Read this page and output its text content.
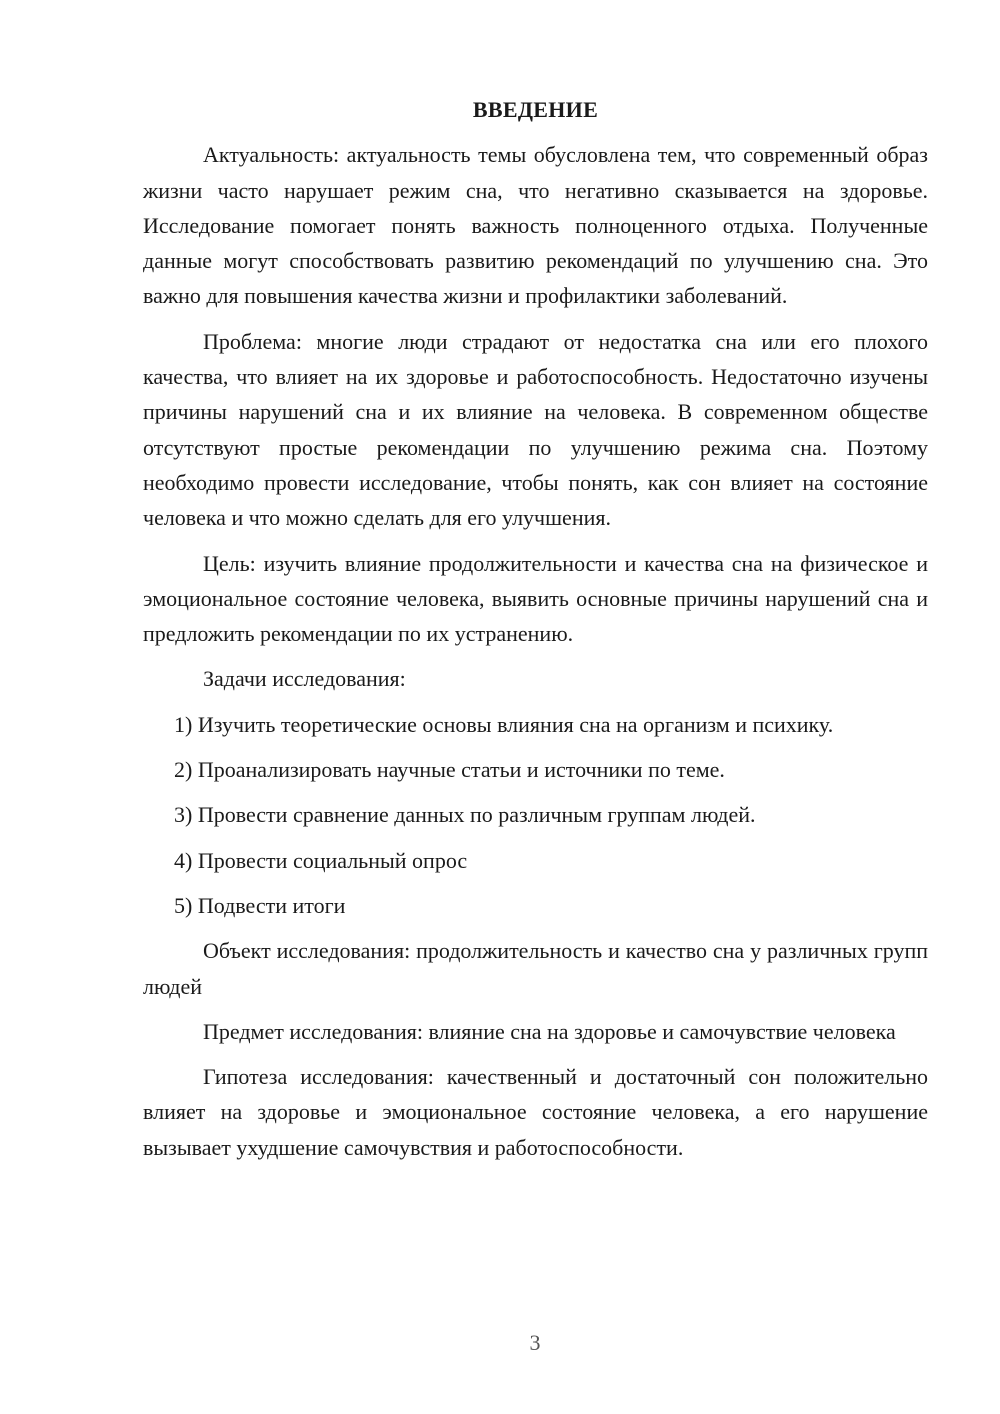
ВВЕДЕНИЕ

Актуальность: актуальность темы обусловлена тем, что современный образ жизни часто нарушает режим сна, что негативно сказывается на здоровье. Исследование помогает понять важность полноценного отдыха. Полученные данные могут способствовать развитию рекомендаций по улучшению сна. Это важно для повышения качества жизни и профилактики заболеваний.

Проблема: многие люди страдают от недостатка сна или его плохого качества, что влияет на их здоровье и работоспособность. Недостаточно изучены причины нарушений сна и их влияние на человека. В современном обществе отсутствуют простые рекомендации по улучшению режима сна. Поэтому необходимо провести исследование, чтобы понять, как сон влияет на состояние человека и что можно сделать для его улучшения.

Цель: изучить влияние продолжительности и качества сна на физическое и эмоциональное состояние человека, выявить основные причины нарушений сна и предложить рекомендации по их устранению.

Задачи исследования:

1) Изучить теоретические основы влияния сна на организм и психику.
2) Проанализировать научные статьи и источники по теме.
3) Провести сравнение данных по различным группам людей.
4) Провести социальный опрос
5) Подвести итоги

Объект исследования: продолжительность и качество сна у различных групп людей

Предмет исследования: влияние сна на здоровье и самочувствие человека

Гипотеза исследования: качественный и достаточный сон положительно влияет на здоровье и эмоциональное состояние человека, а его нарушение вызывает ухудшение самочувствия и работоспособности.

3
